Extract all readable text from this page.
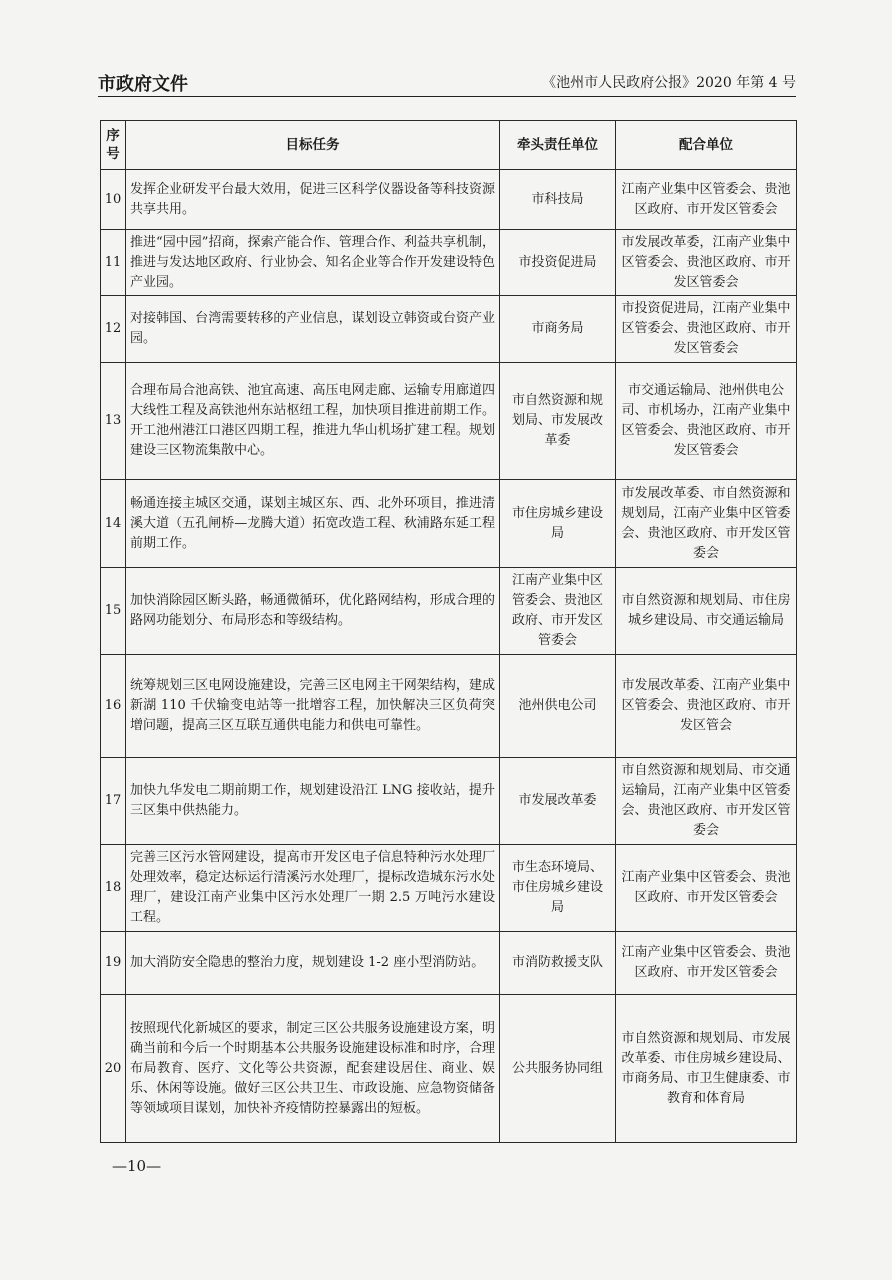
市政府文件	《池州市人民政府公报》2020 年第 4 号
序
号	目标任务	牵头责任单位	配合单位
10	发挥企业研发平台最大效用，促进三区科学仪器设备等科技资源共享共用。	市科技局	江南产业集中区管委会、贵池区政府、市开发区管委会
11	推进“园中园”招商，探索产能合作、管理合作、利益共享机制，推进与发达地区政府、行业协会、知名企业等合作开发建设特色产业园。	市投资促进局	市发展改革委，江南产业集中区管委会、贵池区政府、市开发区管委会
12	对接韩国、台湾需要转移的产业信息，谋划设立韩资或台资产业园。	市商务局	市投资促进局，江南产业集中区管委会、贵池区政府、市开发区管委会
13	合理布局合池高铁、池宜高速、高压电网走廊、运输专用廊道四大线性工程及高铁池州东站枢纽工程，加快项目推进前期工作。开工池州港江口港区四期工程，推进九华山机场扩建工程。规划建设三区物流集散中心。	市自然资源和规划局、市发展改革委	市交通运输局、池州供电公司、市机场办，江南产业集中区管委会、贵池区政府、市开发区管委会
14	畅通连接主城区交通，谋划主城区东、西、北外环项目，推进清溪大道（五孔闸桥—龙腾大道）拓宽改造工程、秋浦路东延工程前期工作。	市住房城乡建设局	市发展改革委、市自然资源和规划局，江南产业集中区管委会、贵池区政府、市开发区管委会
15	加快消除园区断头路，畅通微循环，优化路网结构，形成合理的路网功能划分、布局形态和等级结构。	江南产业集中区管委会、贵池区政府、市开发区管委会	市自然资源和规划局、市住房城乡建设局、市交通运输局
16	统筹规划三区电网设施建设，完善三区电网主干网架结构，建成新湖 110 千伏输变电站等一批增容工程，加快解决三区负荷突增问题，提高三区互联互通供电能力和供电可靠性。	池州供电公司	市发展改革委、江南产业集中区管委会、贵池区政府、市开发区管会
17	加快九华发电二期前期工作，规划建设沿江 LNG 接收站，提升三区集中供热能力。	市发展改革委	市自然资源和规划局、市交通运输局，江南产业集中区管委会、贵池区政府、市开发区管委会
18	完善三区污水管网建设，提高市开发区电子信息特种污水处理厂处理效率，稳定达标运行清溪污水处理厂，提标改造城东污水处理厂，建设江南产业集中区污水处理厂一期 2.5 万吨污水建设工程。	市生态环境局、市住房城乡建设局	江南产业集中区管委会、贵池区政府、市开发区管委会
19	加大消防安全隐患的整治力度，规划建设 1-2 座小型消防站。	市消防救援支队	江南产业集中区管委会、贵池区政府、市开发区管委会
20	按照现代化新城区的要求，制定三区公共服务设施建设方案，明确当前和今后一个时期基本公共服务设施建设标准和时序，合理布局教育、医疗、文化等公共资源，配套建设居住、商业、娱乐、休闲等设施。做好三区公共卫生、市政设施、应急物资储备等领域项目谋划，加快补齐疫情防控暴露出的短板。	公共服务协同组	市自然资源和规划局、市发展改革委、市住房城乡建设局、市商务局、市卫生健康委、市教育和体育局
—10—
